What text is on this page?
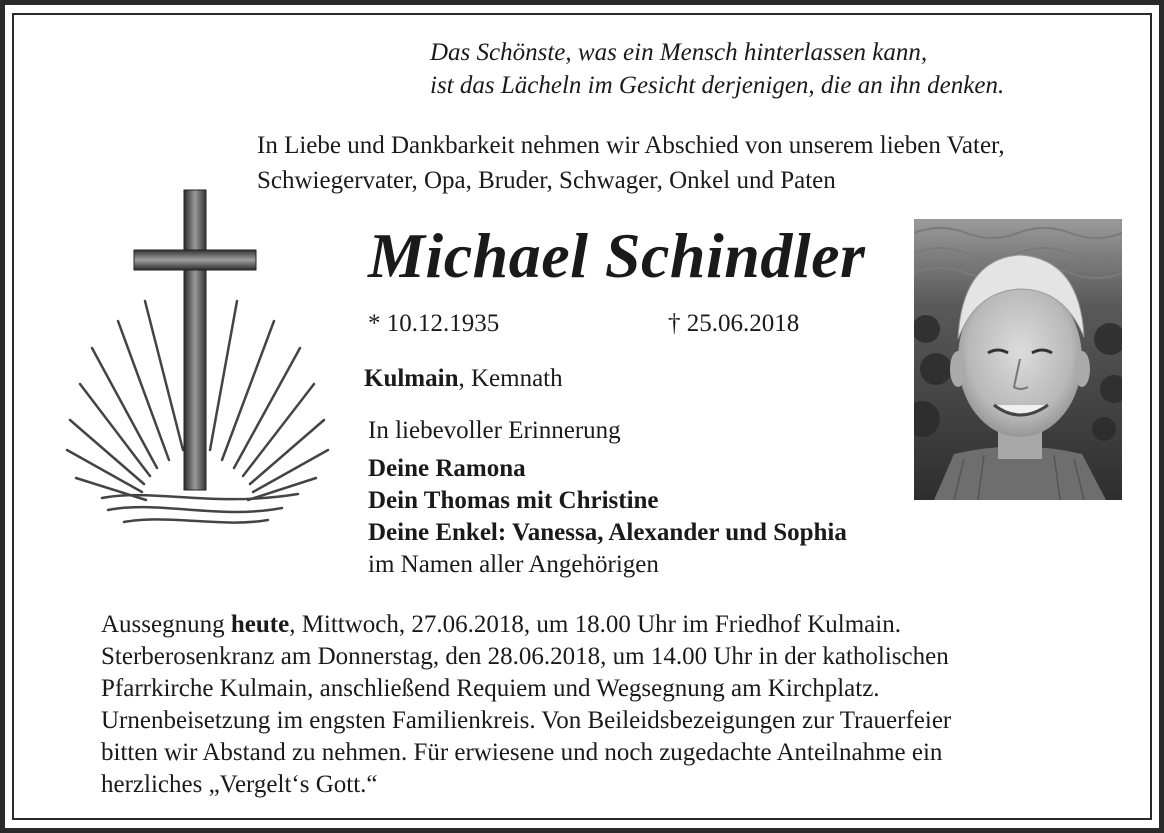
Das Schönste, was ein Mensch hinterlassen kann,
ist das Lächeln im Gesicht derjenigen, die an ihn denken.
In Liebe und Dankbarkeit nehmen wir Abschied von unserem lieben Vater,
Schwiegervater, Opa, Bruder, Schwager, Onkel und Paten
Michael Schindler
* 10.12.1935	† 25.06.2018
Kulmain, Kemnath
In liebevoller Erinnerung
Deine Ramona
Dein Thomas mit Christine
Deine Enkel: Vanessa, Alexander und Sophia
im Namen aller Angehörigen
Aussegnung heute, Mittwoch, 27.06.2018, um 18.00 Uhr im Friedhof Kulmain.
Sterberosenkranz am Donnerstag, den 28.06.2018, um 14.00 Uhr in der katholischen
Pfarrkirche Kulmain, anschließend Requiem und Wegsegnung am Kirchplatz.
Urnenbeisetzung im engsten Familienkreis. Von Beileidsbezeigungen zur Trauerfeier
bitten wir Abstand zu nehmen. Für erwiesene und noch zugedachte Anteilnahme ein
herzliches „Vergelt‘s Gott.“
